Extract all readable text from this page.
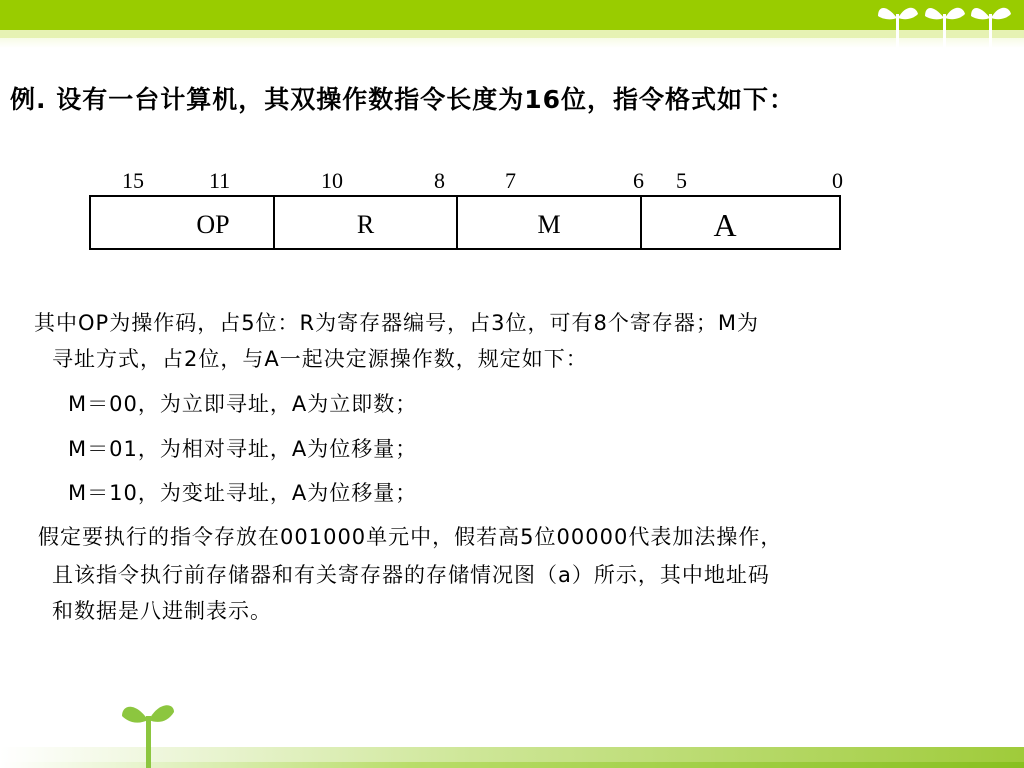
例. 设有一台计算机，其双操作数指令长度为16位，指令格式如下：
15	11	10	8	7	6 5	0
OP	R	M	A
其中OP为操作码，占5位：R为寄存器编号，占3位，可有8个寄存器；M为
寻址方式，占2位，与A一起决定源操作数，规定如下：
M＝00，为立即寻址，A为立即数；
M＝01，为相对寻址，A为位移量；
M＝10，为变址寻址，A为位移量；
假定要执行的指令存放在001000单元中，假若高5位00000代表加法操作，
且该指令执行前存储器和有关寄存器的存储情况图（a）所示，其中地址码
和数据是八进制表示。
